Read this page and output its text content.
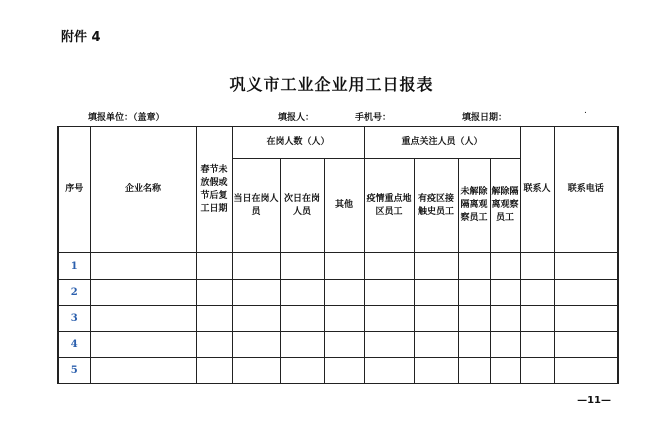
附件 4
巩义市工业企业用工日报表
填报单位：（盖章）	填报人：	手机号：	填报日期：
.
序号	企业名称	春节未放假或节后复工日期	在岗人数（人）			重点关注人员（人）				联系人	联系电话
			当日在岗人员	次日在岗人员	其他	疫情重点地区员工	有疫区接触史员工	未解除隔离观察员工	解除隔离观察员工		
1											
2											
3											
4											
5											
—11—
